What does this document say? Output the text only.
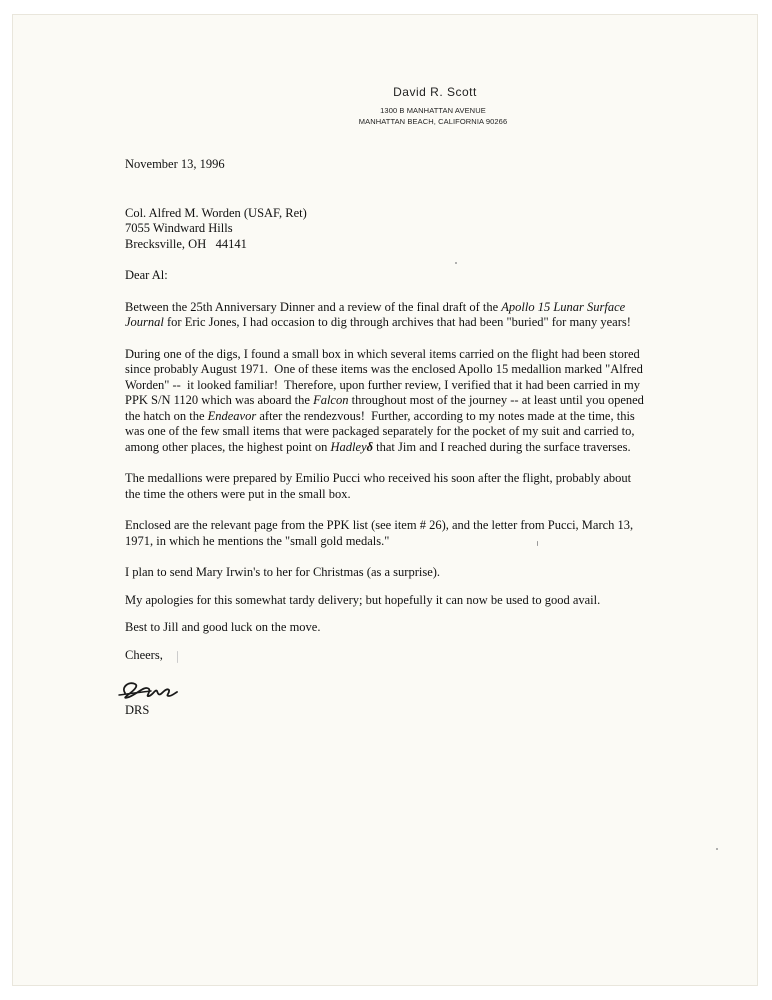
David R. Scott
1300 B MANHATTAN AVENUE
MANHATTAN BEACH, CALIFORNIA 90266

November 13, 1996

Col. Alfred M. Worden (USAF, Ret)

7055 Windward Hills

Brecksville, OH   44141

Dear Al:

Between the 25th Anniversary Dinner and a review of the final draft of the Apollo 15 Lunar Surface Journal for Eric Jones, I had occasion to dig through archives that had been "buried" for many years!

During one of the digs, I found a small box in which several items carried on the flight had been stored since probably August 1971.  One of these items was the enclosed Apollo 15 medallion marked "Alfred Worden" --  it looked familiar!  Therefore, upon further review, I verified that it had been carried in my PPK S/N 1120 which was aboard the Falcon throughout most of the journey -- at least until you opened the hatch on the Endeavor after the rendezvous!  Further, according to my notes made at the time, this was one of the few small items that were packaged separately for the pocket of my suit and carried to, among other places, the highest point on Hadleyδ that Jim and I reached during the surface traverses.

The medallions were prepared by Emilio Pucci who received his soon after the flight, probably about the time the others were put in the small box.

Enclosed are the relevant page from the PPK list (see item # 26), and the letter from Pucci, March 13, 1971, in which he mentions the "small gold medals."

I plan to send Mary Irwin's to her for Christmas (as a surprise).

My apologies for this somewhat tardy delivery; but hopefully it can now be used to good avail.

Best to Jill and good luck on the move.

Cheers,

DRS
